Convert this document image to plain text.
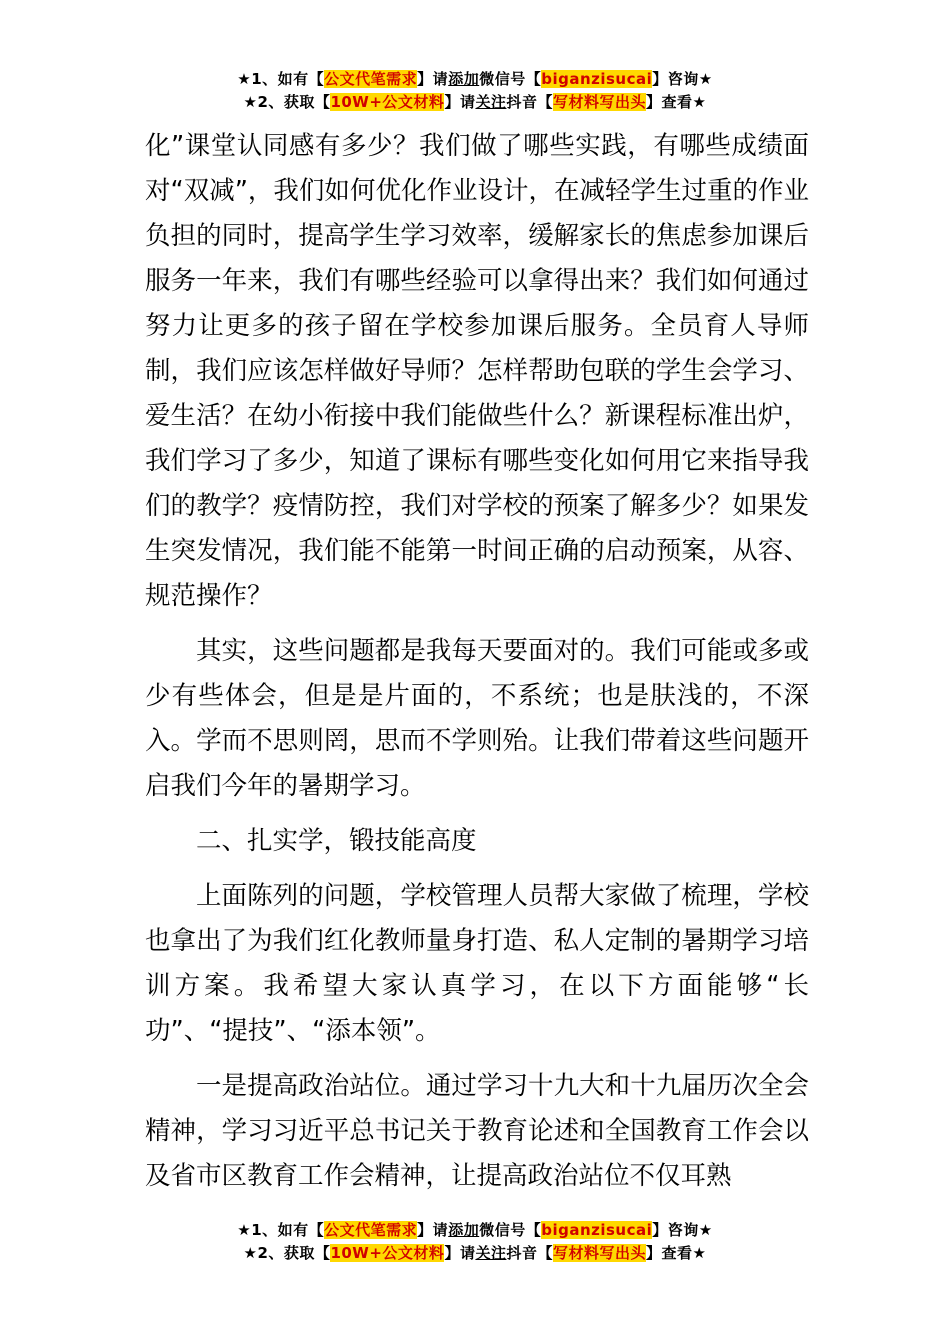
★1、如有【公文代笔需求】请添加微信号【biganzisucai】咨询★
★2、获取【10W+公文材料】请关注抖音【写材料写出头】查看★

化”课堂认同感有多少？我们做了哪些实践，有哪些成绩面对“双减”，我们如何优化作业设计，在减轻学生过重的作业负担的同时，提高学生学习效率，缓解家长的焦虑参加课后服务一年来，我们有哪些经验可以拿得出来？我们如何通过努力让更多的孩子留在学校参加课后服务。全员育人导师制，我们应该怎样做好导师？怎样帮助包联的学生会学习、爱生活？在幼小衔接中我们能做些什么？新课程标准出炉，我们学习了多少，知道了课标有哪些变化如何用它来指导我们的教学？疫情防控，我们对学校的预案了解多少？如果发生突发情况，我们能不能第一时间正确的启动预案，从容、规范操作？

其实，这些问题都是我每天要面对的。我们可能或多或少有些体会，但是是片面的，不系统；也是肤浅的，不深入。学而不思则罔，思而不学则殆。让我们带着这些问题开启我们今年的暑期学习。

二、扎实学，锻技能高度

上面陈列的问题，学校管理人员帮大家做了梳理，学校也拿出了为我们红化教师量身打造、私人定制的暑期学习培训方案。我希望大家认真学习，在以下方面能够“长功”、“提技”、“添本领”。

一是提高政治站位。通过学习十九大和十九届历次全会精神，学习习近平总书记关于教育论述和全国教育工作会以及省市区教育工作会精神，让提高政治站位不仅耳熟

★1、如有【公文代笔需求】请添加微信号【biganzisucai】咨询★
★2、获取【10W+公文材料】请关注抖音【写材料写出头】查看★
